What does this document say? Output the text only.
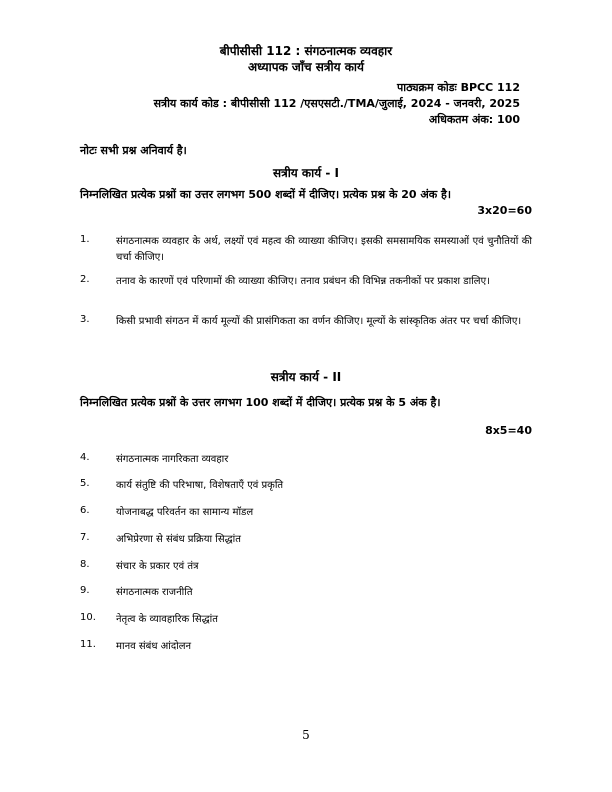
बीपीसीसी 112 : संगठनात्मक व्यवहार
अध्यापक जाँच सत्रीय कार्य
पाठ्यक्रम कोडः BPCC 112
सत्रीय कार्य कोड : बीपीसीसी 112 /एसएसटी./TMA/जुलाई, 2024 - जनवरी, 2025
अधिकतम अंक: 100
नोटः सभी प्रश्न अनिवार्य है।
सत्रीय कार्य - I
निम्नलिखित प्रत्येक प्रश्नों का उत्तर लगभग 500 शब्दों में दीजिए। प्रत्येक प्रश्न के 20 अंक है।
3x20=60
1.	संगठनात्मक व्यवहार के अर्थ, लक्ष्यों एवं महत्व की व्याख्या कीजिए। इसकी समसामयिक समस्याओं एवं चुनौतियों की चर्चा कीजिए।
2.	तनाव के कारणों एवं परिणामों की व्याख्या कीजिए। तनाव प्रबंधन की विभिन्न तकनीकों पर प्रकाश डालिए।
3.	किसी प्रभावी संगठन में कार्य मूल्यों की प्रासंगिकता का वर्णन कीजिए। मूल्यों के सांस्कृतिक अंतर पर चर्चा कीजिए।
सत्रीय कार्य - II
निम्नलिखित प्रत्येक प्रश्नों के उत्तर लगभग 100 शब्दों में दीजिए। प्रत्येक प्रश्न के 5 अंक है।
8x5=40
4.	संगठनात्मक नागरिकता व्यवहार
5.	कार्य संतुष्टि की परिभाषा, विशेषताएँ एवं प्रकृति
6.	योजनाबद्ध परिवर्तन का सामान्य मॉडल
7.	अभिप्रेरणा से संबंध प्रक्रिया सिद्धांत
8.	संचार के प्रकार एवं तंत्र
9.	संगठनात्मक राजनीति
10. नेतृत्व के व्यावहारिक सिद्धांत
11. मानव संबंध आंदोलन
5
